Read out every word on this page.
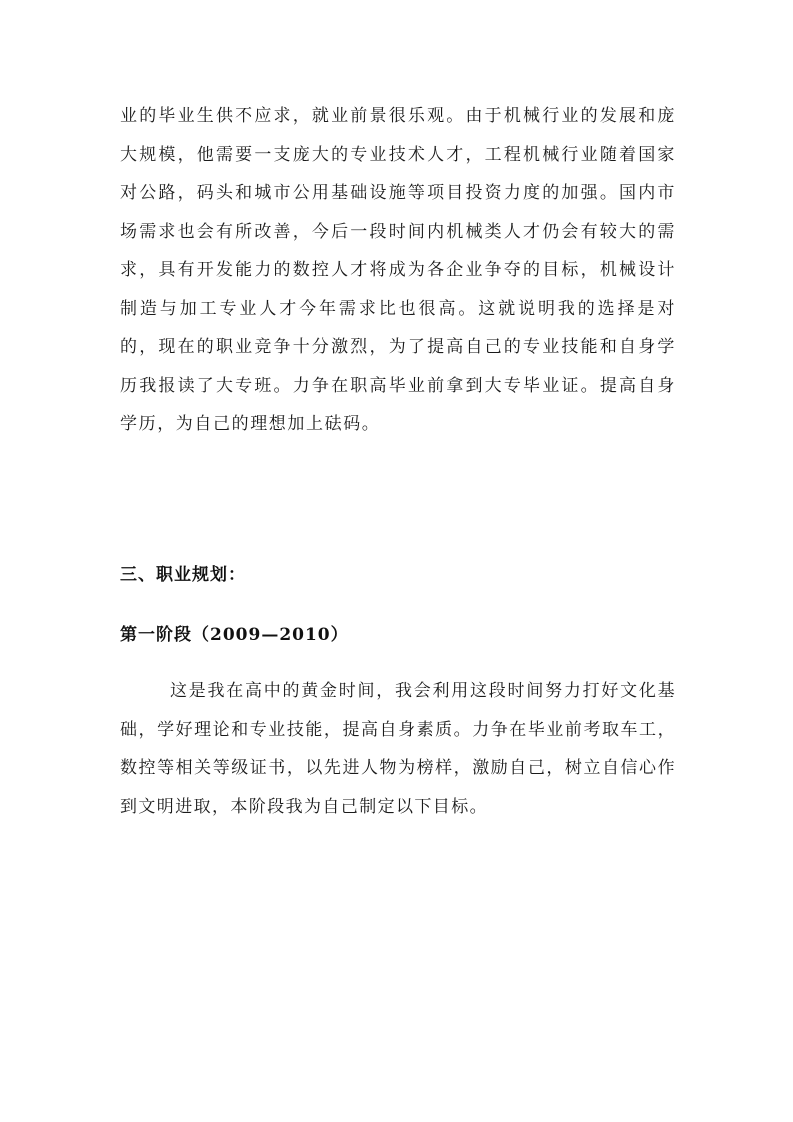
业的毕业生供不应求，就业前景很乐观。由于机械行业的发展和庞大规模，他需要一支庞大的专业技术人才，工程机械行业随着国家对公路，码头和城市公用基础设施等项目投资力度的加强。国内市场需求也会有所改善，今后一段时间内机械类人才仍会有较大的需求，具有开发能力的数控人才将成为各企业争夺的目标，机械设计制造与加工专业人才今年需求比也很高。这就说明我的选择是对的，现在的职业竞争十分激烈，为了提高自己的专业技能和自身学历我报读了大专班。力争在职高毕业前拿到大专毕业证。提高自身学历，为自己的理想加上砝码。

三、职业规划：
第一阶段（2009—2010）

这是我在高中的黄金时间，我会利用这段时间努力打好文化基础，学好理论和专业技能，提高自身素质。力争在毕业前考取车工，数控等相关等级证书，以先进人物为榜样，激励自己，树立自信心作到文明进取，本阶段我为自己制定以下目标。
